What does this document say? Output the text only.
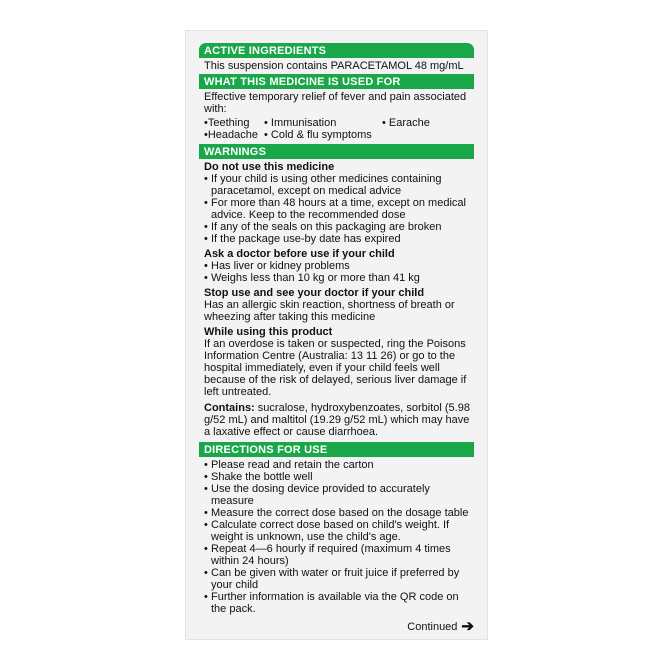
ACTIVE INGREDIENTS
This suspension contains PARACETAMOL 48 mg/mL
WHAT THIS MEDICINE IS USED FOR
Effective temporary relief of fever and pain associated with:
•Teething	• Immunisation	• Earache
•Headache • Cold & flu symptoms
WARNINGS
Do not use this medicine
• If your child is using other medicines containing paracetamol, except on medical advice
• For more than 48 hours at a time, except on medical advice. Keep to the recommended dose
• If any of the seals on this packaging are broken
• If the package use-by date has expired
Ask a doctor before use if your child
• Has liver or kidney problems
• Weighs less than 10 kg or more than 41 kg
Stop use and see your doctor if your child
Has an allergic skin reaction, shortness of breath or wheezing after taking this medicine
While using this product
If an overdose is taken or suspected, ring the Poisons Information Centre (Australia: 13 11 26) or go to the hospital immediately, even if your child feels well because of the risk of delayed, serious liver damage if left untreated.
Contains: sucralose, hydroxybenzoates, sorbitol (5.98 g/52 mL) and maltitol (19.29 g/52 mL) which may have a laxative effect or cause diarrhoea.
DIRECTIONS FOR USE
• Please read and retain the carton
• Shake the bottle well
• Use the dosing device provided to accurately measure
• Measure the correct dose based on the dosage table
• Calculate correct dose based on child's weight. If weight is unknown, use the child's age.
• Repeat 4—6 hourly if required (maximum 4 times within 24 hours)
• Can be given with water or fruit juice if preferred by your child
• Further information is available via the QR code on the pack.
Continued ➔
